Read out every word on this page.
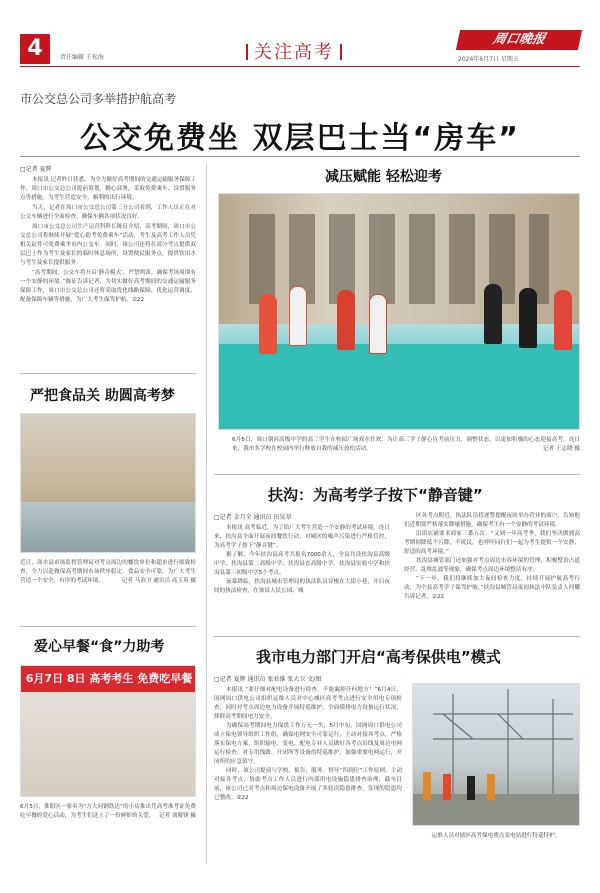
4	责任编辑 王松海	关注高考
周口晚报
2024年6月7日 星期五
市公交总公司多举措护航高考
公交免费坐 双层巴士当“房车”
□记者 夏辉

本报讯 记者昨日获悉，为全力做好高考期间的交通运输服务保障工作，周口市公交总公司提前筹划，精心部署，采取免费乘车、设置服务点等措施，为考生营造安全、顺利的出行环境。

当天，记者在周口市公交总公司第三分公司看到，工作人员正在对公交车辆进行全面检查，确保车辆各项状况良好。

周口市公交总公司生产运营科科长陈征介绍，高考期间，周口市公交总公司将继续开展“爱心助考免费乘车”活动，考生及高考工作人员凭相关证件可免费乘坐市内公交车。同时，该公司还将在部分考点提供双层巴士作为考生及家长的临时休息场所，设置便民服务点，提供饮用水与考生及家长提供服务。

“高考期间，公交车将开启‘静音模式’，严禁鸣笛，确保考场周围有一个安静的环境。”陈征告诉记者，为切实做好高考期间的交通运输服务保障工作，周口市公交总公司还将采取优化线路保障、优化运营调度、配备保障车辆等措施，为广大考生保驾护航。②22

减压赋能 轻松迎考
6月5日，周口朝河高级中学的高三学生在校园广场戏水狂欢。为让高三学子静心待考前压力，调整状态，以更加积极的心态迎接高考，连日来，我市多学校在校园内举行释放自我的减压放松活动。	记者 王志晓 摄
严把食品关 助圆高考梦
近日，商水县市场监督管理局对考点周边的餐饮单位和超市进行细致检查，全力以赴做保高考期间市场秩序稳定，食品安全可靠，为广大考生营造一个安全、有序的考试环境。	记者 马治卫 通讯员 高玉英 摄
扶沟：为高考学子按下“静音键”
□记者 金月全 通讯员 田昊翠

本报讯 高考临近，为了给广大考生营造一个安静的考试环境，连日来，扶沟县全面开展夜间餐饮行动，对城区的噪声污染进行严格管控，为高考学子按下“静音键”。

据了解，今年扶沟县高考共报名7000余人，全县共设扶沟县高级中学、扶沟县第二高级中学、扶沟县直高级中学、扶沟县实验中学和扶沟县第三初级中学5个考点。

夜幕降临，扶沟县城市管理局的执法队员穿梭在大街小巷，开启夜间的执法检查，在该县人民公园、城

区各考点附近，执法队员将逐警提醒夜间举办营业的商户，告知他们近期要严格落实降噪措施，确保考生有一个安静的考试环境。

沿街店铺要求商家三番五次：“又到一年高考季，我们坚决做到高考期间降低不污降，不扰民，也呼吁同行们一起为考生提供一个安静、舒适的高考环境。”

扶沟县城管部门还加强对考点周边市容环境的管理，积极整治占道经营、乱堆乱放等现象，确保考点周边环境整洁有序。

“下一步，我们将继续加大夜间检查力度，持续开展护航高考行动，为全县高考学子保驾护航。”扶沟县城管局夜间执法中队负责人何耀告诉记者。②22

爱心早餐“食”力助考
6月7日 8日 高考考生 免费吃早餐
6月5日，淮阳区一家名为“方大同钢铁达”的小店推出凭高考准考证免费吃早餐的爱心活动，为考生们送上了一份鲜虾的关爱。 记者 刘俊锋 摄
我市电力部门开启“高考保供电”模式
□记者 夏辉 通讯员 张亚维 张大卫 文/图

本报讯 “要仔细对配电设备进行检查，不能漏掉任何地方！”6月4日，国网周口供电公司组织运维人员对中心城区高考考点进行安全用电专项检查，同时对考点周边电力设备开展特巡维护，全面摸排电力设备运行状况，排除高考期间电力安全。

为确保高考期间电力保供工作万无一失，5月中旬，国网周口供电公司成立保电领导组织工作组，确保电网安全可靠运行，主动对接各考点，严格落实保电方案，组织输电、变电、配电专业人员做好各考点沿线及周边电网运行检查，对专用线路、开闭所等设备的特巡维护，加强重要电网运行，开闭所的应急值守。

同时，该公司提前与学校、报告、服务、督导“四到位”工作原则，主动对接各考点，协助考点工作人员进行内部用电设施隐患排查治理，截至目前，该公司已对考点和周边保电设备开展了多轮次隐患排查，发现的隐患均已整改。②22

运维人员对辖区高考保电重点变电站进行特巡特护。
